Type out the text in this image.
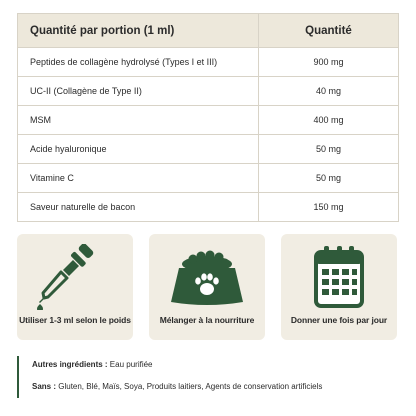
Quantité par portion (1 ml)	Quantité
Peptides de collagène hydrolysé (Types I et III)	900 mg
UC-II (Collagène de Type II)	40 mg
MSM	400 mg
Acide hyaluronique	50 mg
Vitamine C	50 mg
Saveur naturelle de bacon	150 mg
Utiliser 1-3 ml selon le poids	Mélanger à la nourriture	Donner une fois par jour
Autres ingrédients : Eau purifiée
Sans : Gluten, Blé, Maïs, Soya, Produits laitiers, Agents de conservation artificiels
